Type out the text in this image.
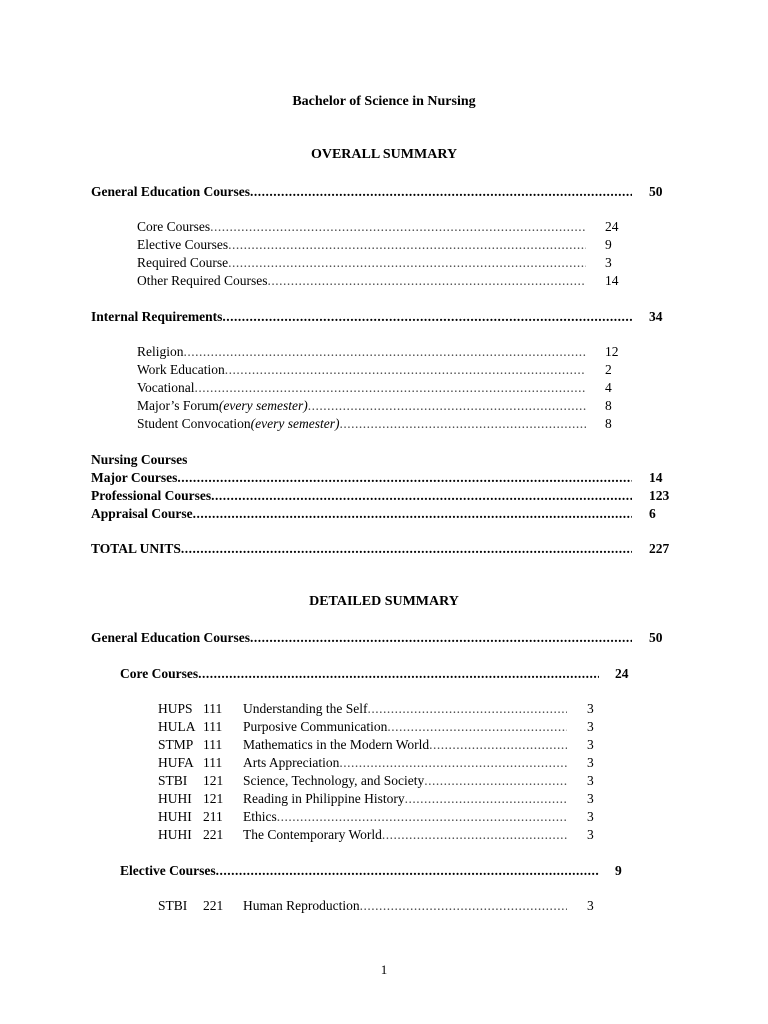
Bachelor of Science in Nursing
OVERALL SUMMARY
General Education Courses .....	50
Core Courses .....	24
Elective Courses .....	9
Required Course .....	3
Other Required Courses .....	14
Internal Requirements .....	34
Religion .....	12
Work Education .....	2
Vocational .....	4
Major’s Forum(every semester) .....	8
Student Convocation(every semester) .....	8
Nursing Courses
Major Courses .....	14
Professional Courses .....	123
Appraisal Course .....	6
TOTAL UNITS .....	227
DETAILED SUMMARY
General Education Courses .....	50
Core Courses .....	24
HUPS 111 Understanding the Self .....	3
HULA 111 Purposive Communication .....	3
STMP 111 Mathematics in the Modern World .....	3
HUFA 111 Arts Appreciation .....	3
STBI 121 Science, Technology, and Society .....	3
HUHI 121 Reading in Philippine History .....	3
HUHI 211 Ethics .....	3
HUHI 221 The Contemporary World .....	3
Elective Courses .....	9
STBI 221 Human Reproduction .....	3
1
